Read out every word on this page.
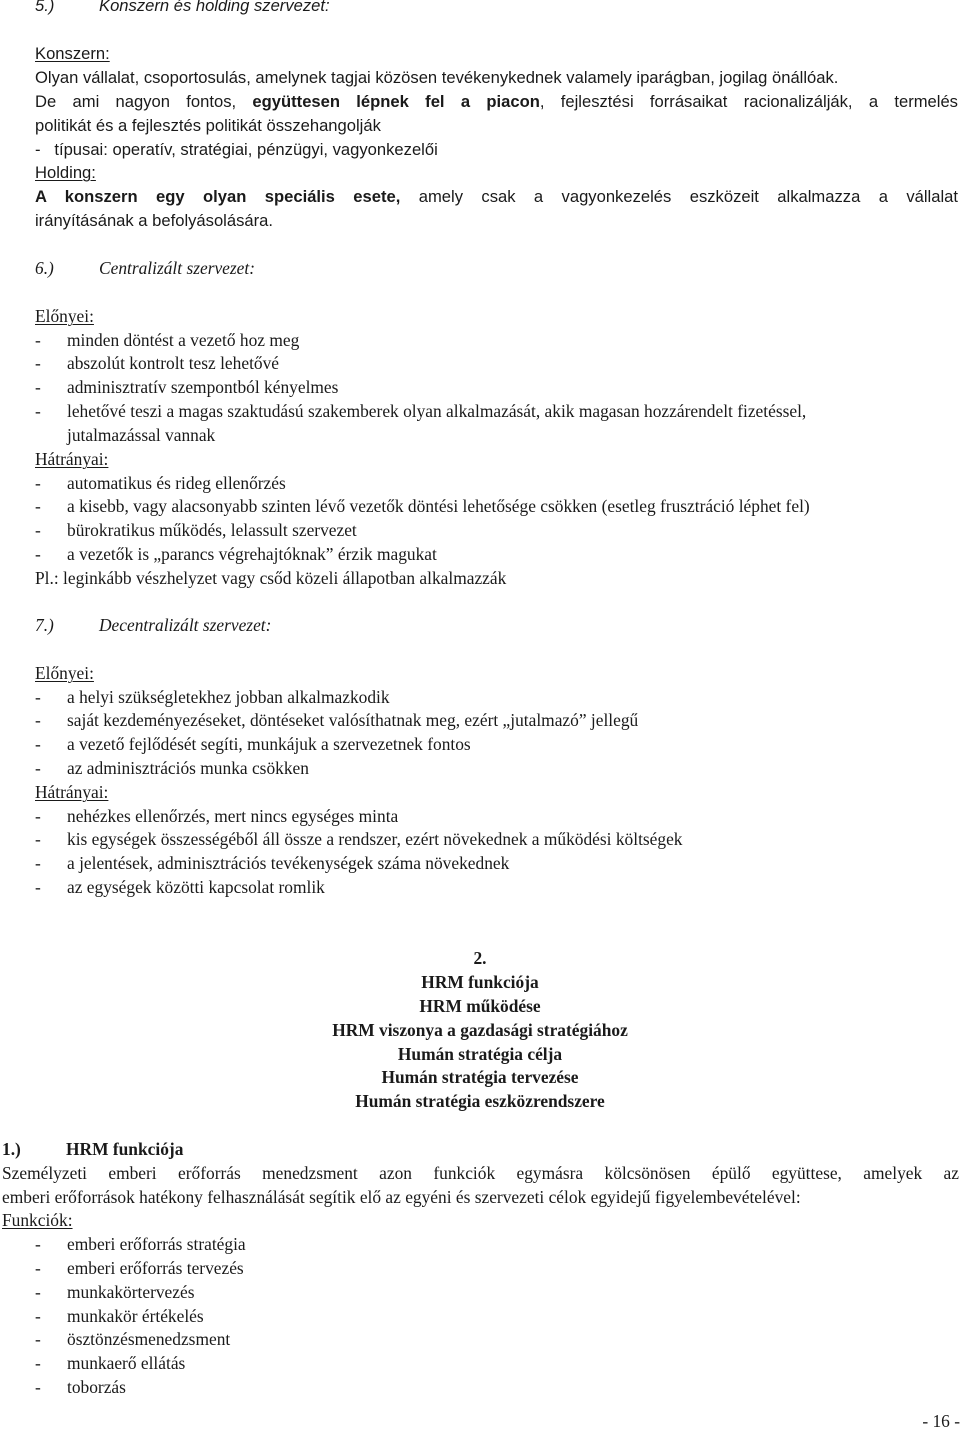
5.)	Konszern és holding szervezet:
Konszern:
Olyan vállalat, csoportosulás, amelynek tagjai közösen tevékenykednek valamely iparágban, jogilag önállóak.
De ami nagyon fontos, együttesen lépnek fel a piacon, fejlesztési forrásaikat racionalizálják, a termelés
politikát és a fejlesztés politikát összehangolják
-   típusai: operatív, stratégiai, pénzügyi, vagyonkezelői
Holding:
A konszern egy olyan speciális esete, amely csak a vagyonkezelés eszközeit alkalmazza a vállalat
irányításának a befolyásolására.
6.)	Centralizált szervezet:
Előnyei:
- minden döntést a vezető hoz meg
- abszolút kontrolt tesz lehetővé
- adminisztratív szempontból kényelmes
- lehetővé teszi a magas szaktudású szakemberek olyan alkalmazását, akik magasan hozzárendelt fizetéssel,
jutalmazással vannak
Hátrányai:
- automatikus és rideg ellenőrzés
- a kisebb, vagy alacsonyabb szinten lévő vezetők döntési lehetősége csökken (esetleg frusztráció léphet fel)
- bürokratikus működés, lelassult szervezet
- a vezetők is „parancs végrehajtóknak” érzik magukat
Pl.: leginkább vészhelyzet vagy csőd közeli állapotban alkalmazzák
7.)	Decentralizált szervezet:
Előnyei:
- a helyi szükségletekhez jobban alkalmazkodik
- saját kezdeményezéseket, döntéseket valósíthatnak meg, ezért „jutalmazó” jellegű
- a vezető fejlődését segíti, munkájuk a szervezetnek fontos
- az adminisztrációs munka csökken
Hátrányai:
- nehézkes ellenőrzés, mert nincs egységes minta
- kis egységek összességéből áll össze a rendszer, ezért növekednek a működési költségek
- a jelentések, adminisztrációs tevékenységek száma növekednek
- az egységek közötti kapcsolat romlik
2.
HRM funkciója
HRM működése
HRM viszonya a gazdasági stratégiához
Humán stratégia célja
Humán stratégia tervezése
Humán stratégia eszközrendszere
1.)	HRM funkciója
Személyzeti emberi erőforrás menedzsment azon funkciók egymásra kölcsönösen épülő együttese, amelyek az
emberi erőforrások hatékony felhasználását segítik elő az egyéni és szervezeti célok egyidejű figyelembevételével:
Funkciók:
- emberi erőforrás stratégia
- emberi erőforrás tervezés
- munkakörtervezés
- munkakör értékelés
- ösztönzésmenedzsment
- munkaerő ellátás
- toborzás
- 16 -
